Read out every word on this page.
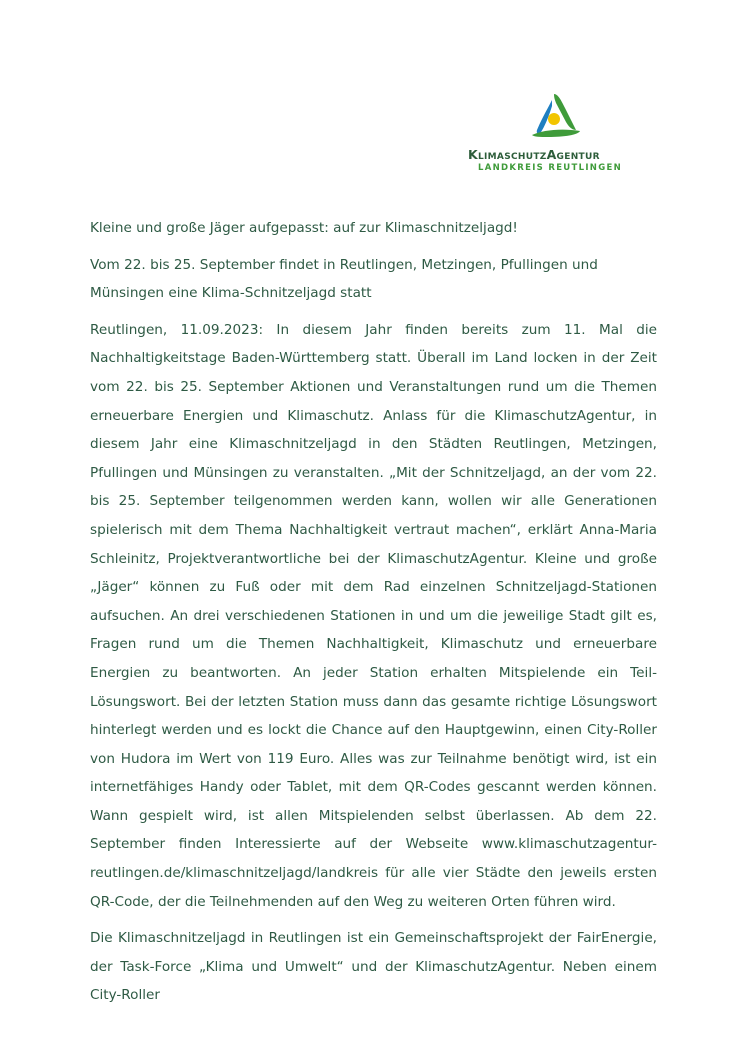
KlimaschutzAgentur
LANDKREIS REUTLINGEN

Kleine und große Jäger aufgepasst: auf zur Klimaschnitzeljagd!

Vom 22. bis 25. September findet in Reutlingen, Metzingen, Pfullingen und Münsingen eine Klima-Schnitzeljagd statt

Reutlingen, 11.09.2023: In diesem Jahr finden bereits zum 11. Mal die Nachhaltigkeitstage Baden-Württemberg statt. Überall im Land locken in der Zeit vom 22. bis 25. September Aktionen und Veranstaltungen rund um die Themen erneuerbare Energien und Klimaschutz. Anlass für die KlimaschutzAgentur, in diesem Jahr eine Klimaschnitzeljagd in den Städten Reutlingen, Metzingen, Pfullingen und Münsingen zu veranstalten. „Mit der Schnitzeljagd, an der vom 22. bis 25. September teilgenommen werden kann, wollen wir alle Generationen spielerisch mit dem Thema Nachhaltigkeit vertraut machen“, erklärt Anna-Maria Schleinitz, Projektverantwortliche bei der KlimaschutzAgentur. Kleine und große „Jäger“ können zu Fuß oder mit dem Rad einzelnen Schnitzeljagd-Stationen aufsuchen. An drei verschiedenen Stationen in und um die jeweilige Stadt gilt es, Fragen rund um die Themen Nachhaltigkeit, Klimaschutz und erneuerbare Energien zu beantworten. An jeder Station erhalten Mitspielende ein Teil-Lösungswort. Bei der letzten Station muss dann das gesamte richtige Lösungswort hinterlegt werden und es lockt die Chance auf den Hauptgewinn, einen City-Roller von Hudora im Wert von 119 Euro. Alles was zur Teilnahme benötigt wird, ist ein internetfähiges Handy oder Tablet, mit dem QR-Codes gescannt werden können. Wann gespielt wird, ist allen Mitspielenden selbst überlassen. Ab dem 22. September finden Interessierte auf der Webseite www.klimaschutzagentur-reutlingen.de/klimaschnitzeljagd/landkreis für alle vier Städte den jeweils ersten QR-Code, der die Teilnehmenden auf den Weg zu weiteren Orten führen wird.

Die Klimaschnitzeljagd in Reutlingen ist ein Gemeinschaftsprojekt der FairEnergie, der Task-Force „Klima und Umwelt“ und der KlimaschutzAgentur. Neben einem City-Roller
